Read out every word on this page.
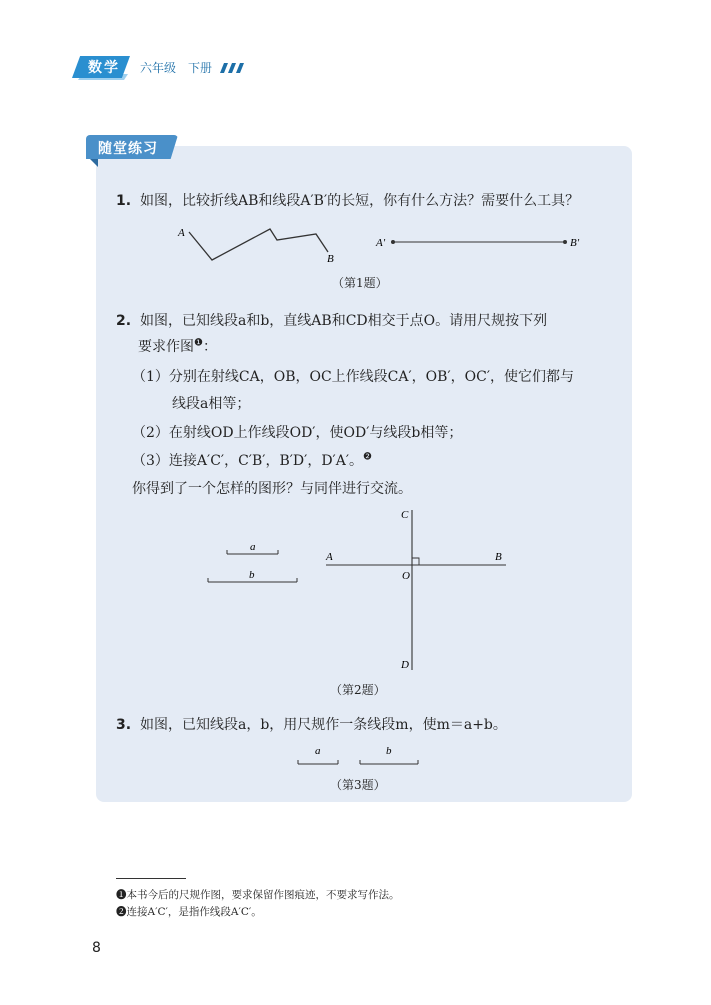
数学	六年级 下册
随堂练习
1. 如图，比较折线AB和线段A′B′的长短，你有什么方法？需要什么工具？
A
B
A′	B′
（第1题）
2. 如图，已知线段a和b，直线AB和CD相交于点O。请用尺规按下列
要求作图$^❶$：
（1）分别在射线CA，OB，OC上作线段CA′，OB′，OC′，使它们都与
线段a相等；
（2）在射线OD上作线段OD′，使OD′与线段b相等；
（3）连接A′C′，C′B′，B′D′，D′A′。$^❷$
你得到了一个怎样的图形？与同伴进行交流。
a
b
A	B
C
D
O
（第2题）
3. 如图，已知线段a，b，用尺规作一条线段m，使m＝a+b。
a	b
（第3题）
❶本书今后的尺规作图，要求保留作图痕迹，不要求写作法。
❷连接A′C′，是指作线段A′C′。
8
